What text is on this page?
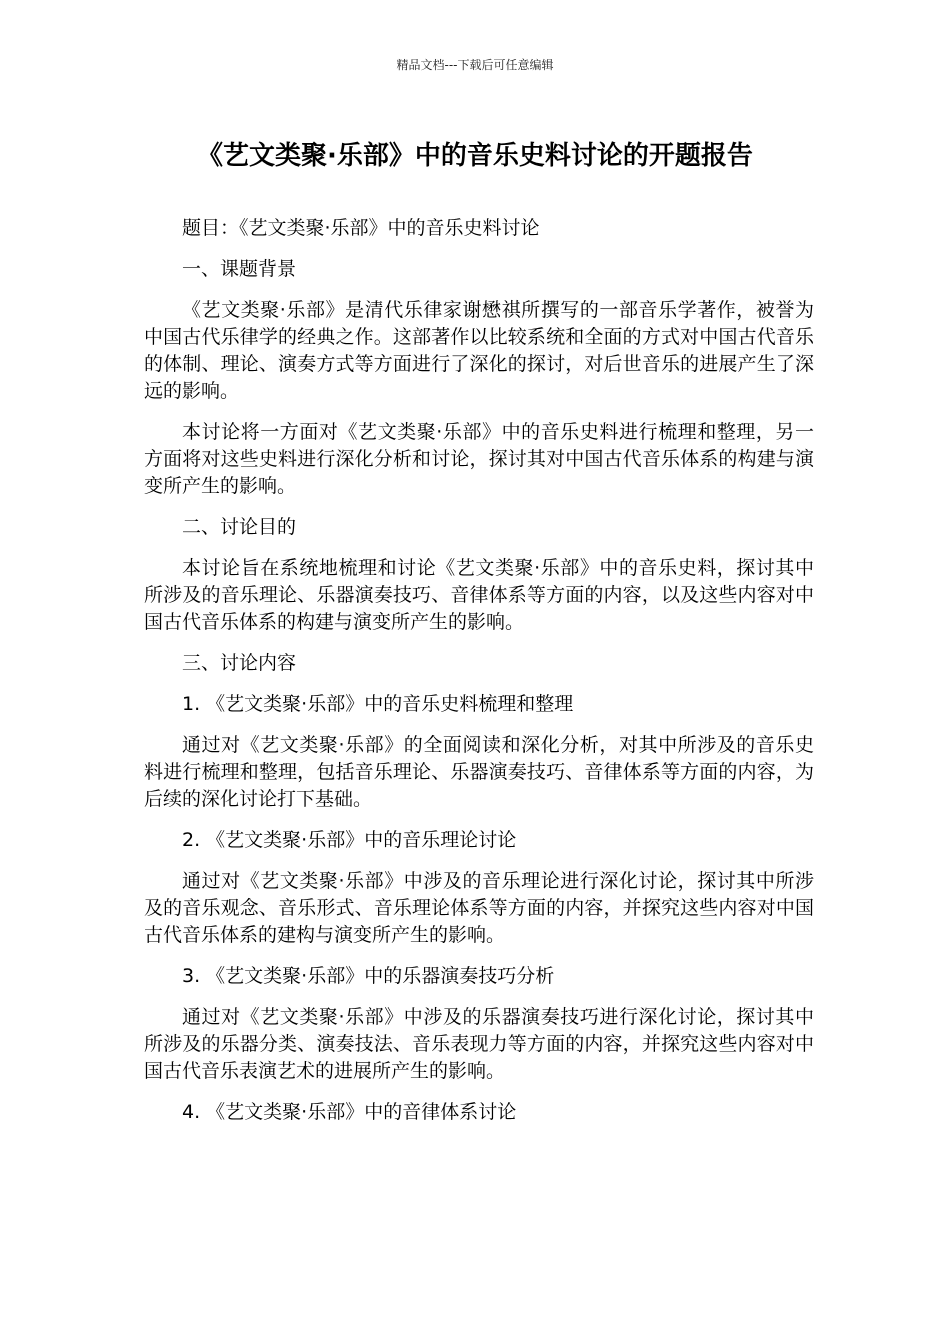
精品文档---下载后可任意编辑
《艺文类聚·乐部》中的音乐史料讨论的开题报告

题目：《艺文类聚·乐部》中的音乐史料讨论

一、课题背景

《艺文类聚·乐部》是清代乐律家谢懋祺所撰写的一部音乐学著作，被誉为中国古代乐律学的经典之作。这部著作以比较系统和全面的方式对中国古代音乐的体制、理论、演奏方式等方面进行了深化的探讨，对后世音乐的进展产生了深远的影响。

本讨论将一方面对《艺文类聚·乐部》中的音乐史料进行梳理和整理，另一方面将对这些史料进行深化分析和讨论，探讨其对中国古代音乐体系的构建与演变所产生的影响。

二、讨论目的

本讨论旨在系统地梳理和讨论《艺文类聚·乐部》中的音乐史料，探讨其中所涉及的音乐理论、乐器演奏技巧、音律体系等方面的内容，以及这些内容对中国古代音乐体系的构建与演变所产生的影响。

三、讨论内容

1. 《艺文类聚·乐部》中的音乐史料梳理和整理

通过对《艺文类聚·乐部》的全面阅读和深化分析，对其中所涉及的音乐史料进行梳理和整理，包括音乐理论、乐器演奏技巧、音律体系等方面的内容，为后续的深化讨论打下基础。

2. 《艺文类聚·乐部》中的音乐理论讨论

通过对《艺文类聚·乐部》中涉及的音乐理论进行深化讨论，探讨其中所涉及的音乐观念、音乐形式、音乐理论体系等方面的内容，并探究这些内容对中国古代音乐体系的建构与演变所产生的影响。

3. 《艺文类聚·乐部》中的乐器演奏技巧分析

通过对《艺文类聚·乐部》中涉及的乐器演奏技巧进行深化讨论，探讨其中所涉及的乐器分类、演奏技法、音乐表现力等方面的内容，并探究这些内容对中国古代音乐表演艺术的进展所产生的影响。

4. 《艺文类聚·乐部》中的音律体系讨论
